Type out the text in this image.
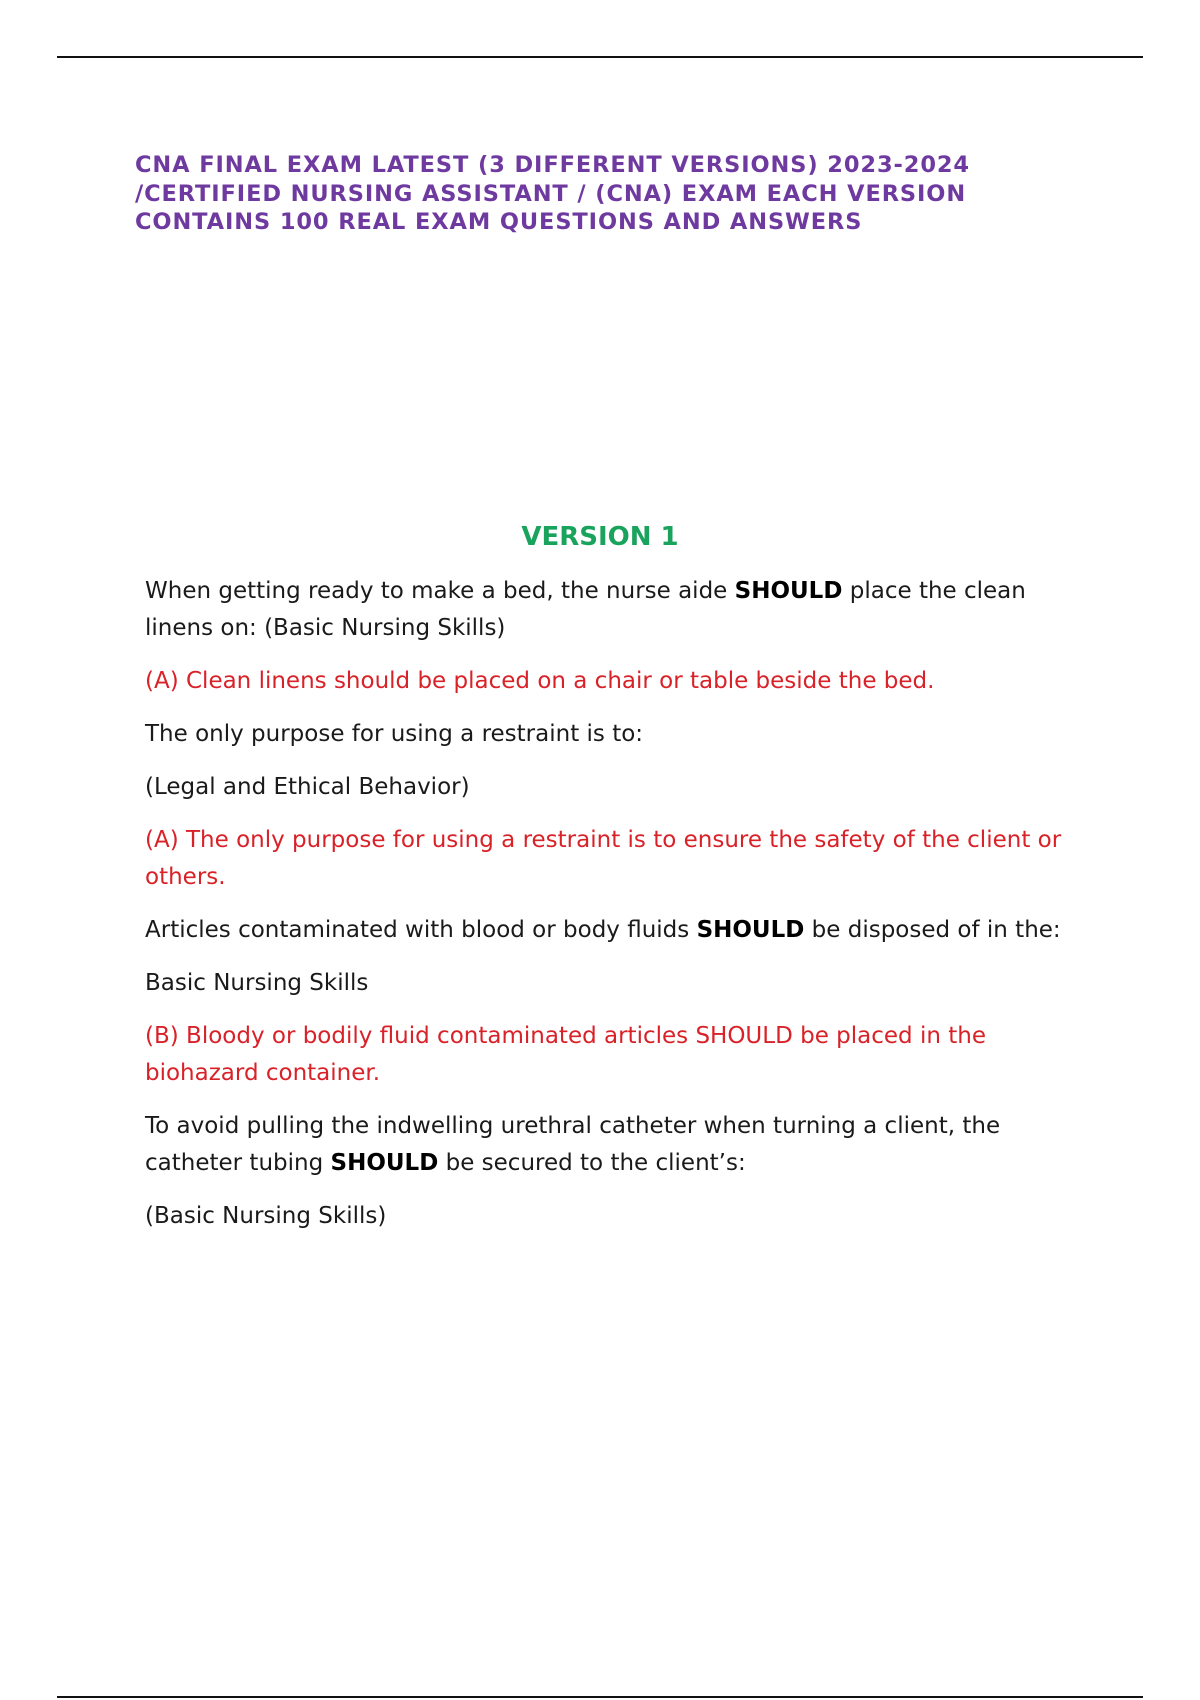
CNA FINAL EXAM LATEST (3 DIFFERENT VERSIONS) 2023-2024 /CERTIFIED NURSING ASSISTANT / (CNA) EXAM EACH VERSION CONTAINS 100 REAL EXAM QUESTIONS AND ANSWERS
VERSION 1

When getting ready to make a bed, the nurse aide SHOULD place the clean linens on: (Basic Nursing Skills)

(A) Clean linens should be placed on a chair or table beside the bed.

The only purpose for using a restraint is to:

(Legal and Ethical Behavior)

(A) The only purpose for using a restraint is to ensure the safety of the client or others.

Articles contaminated with blood or body fluids SHOULD be disposed of in the:

Basic Nursing Skills

(B) Bloody or bodily fluid contaminated articles SHOULD be placed in the biohazard container.

To avoid pulling the indwelling urethral catheter when turning a client, the catheter tubing SHOULD be secured to the client’s:

(Basic Nursing Skills)
